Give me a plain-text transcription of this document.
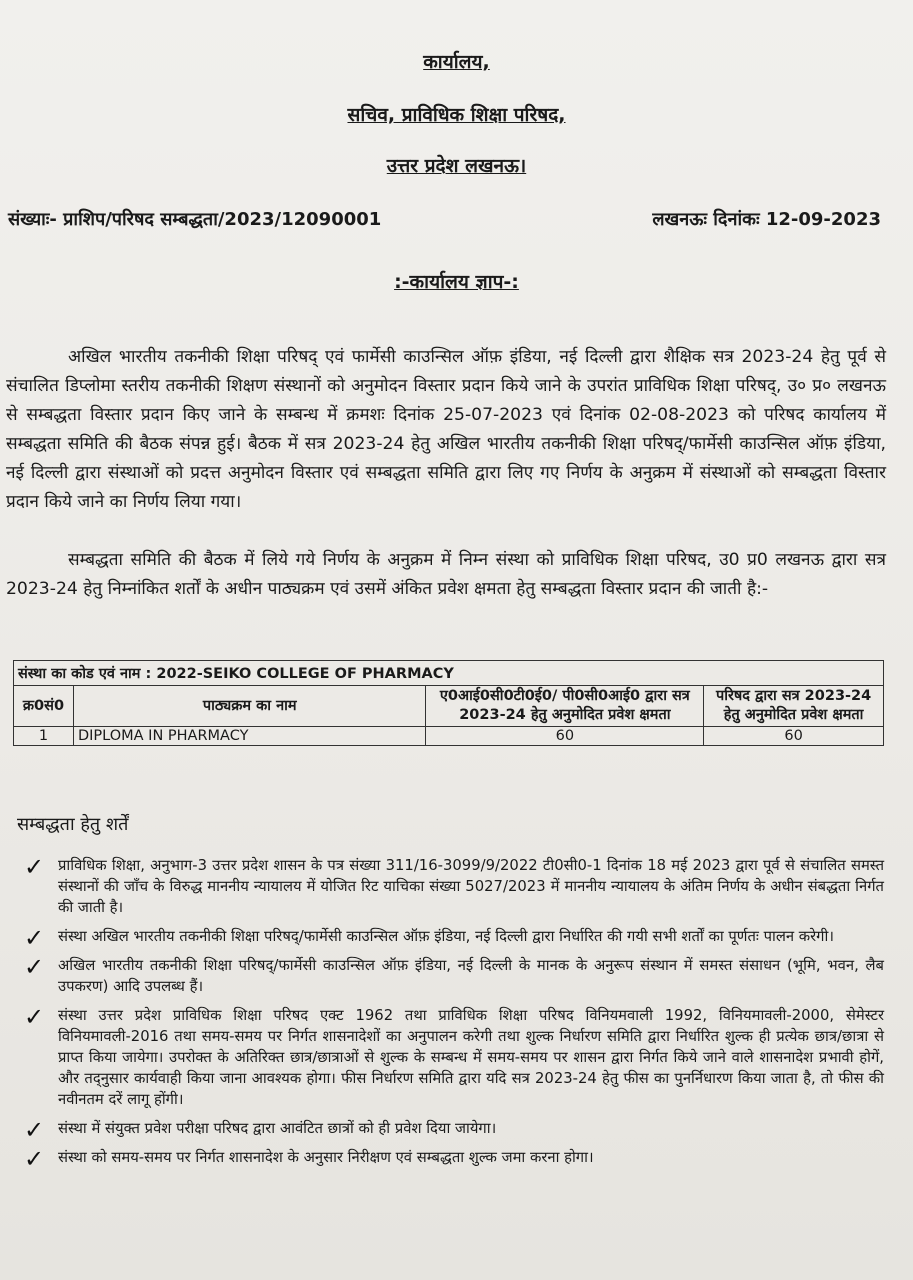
कार्यालय,
सचिव, प्राविधिक शिक्षा परिषद,
उत्तर प्रदेश लखनऊ।
संख्याः- प्राशिप/परिषद सम्बद्धता/2023/12090001	लखनऊः दिनांकः 12-09-2023
:-कार्यालय ज्ञाप-:

अखिल भारतीय तकनीकी शिक्षा परिषद् एवं फार्मेसी काउन्सिल ऑफ़ इंडिया, नई दिल्ली द्वारा शैक्षिक सत्र 2023-24 हेतु पूर्व से संचालित डिप्लोमा स्तरीय तकनीकी शिक्षण संस्थानों को अनुमोदन विस्तार प्रदान किये जाने के उपरांत प्राविधिक शिक्षा परिषद्, उ० प्र० लखनऊ से सम्बद्धता विस्तार प्रदान किए जाने के सम्बन्ध में क्रमशः दिनांक 25-07-2023 एवं दिनांक 02-08-2023 को परिषद कार्यालय में सम्बद्धता समिति की बैठक संपन्न हुई। बैठक में सत्र 2023-24 हेतु अखिल भारतीय तकनीकी शिक्षा परिषद्/फार्मेसी काउन्सिल ऑफ़ इंडिया, नई दिल्ली द्वारा संस्थाओं को प्रदत्त अनुमोदन विस्तार एवं सम्बद्धता समिति द्वारा लिए गए निर्णय के अनुक्रम में संस्थाओं को सम्बद्धता विस्तार प्रदान किये जाने का निर्णय लिया गया।

सम्बद्धता समिति की बैठक में लिये गये निर्णय के अनुक्रम में निम्न संस्था को प्राविधिक शिक्षा परिषद, उ0 प्र0 लखनऊ द्वारा सत्र 2023-24 हेतु निम्नांकित शर्तों के अधीन पाठ्यक्रम एवं उसमें अंकित प्रवेश क्षमता हेतु सम्बद्धता विस्तार प्रदान की जाती है:-

संस्था का कोड एवं नाम : 2022-SEIKO COLLEGE OF PHARMACY			
क्र0सं0	पाठ्यक्रम का नाम	ए0आई0सी0टी0ई0/ पी0सी0आई0 द्वारा सत्र 2023-24 हेतु अनुमोदित प्रवेश क्षमता	परिषद द्वारा सत्र 2023-24 हेतु अनुमोदित प्रवेश क्षमता
1	DIPLOMA IN PHARMACY	60	60
सम्बद्धता हेतु शर्तें
✓ प्राविधिक शिक्षा, अनुभाग-3 उत्तर प्रदेश शासन के पत्र संख्या 311/16-3099/9/2022 टी0सी0-1 दिनांक 18 मई 2023 द्वारा पूर्व से संचालित समस्त संस्थानों की जाँच के विरुद्ध माननीय न्यायालय में योजित रिट याचिका संख्या 5027/2023 में माननीय न्यायालय के अंतिम निर्णय के अधीन संबद्धता निर्गत की जाती है।
✓ संस्था अखिल भारतीय तकनीकी शिक्षा परिषद्/फार्मेसी काउन्सिल ऑफ़ इंडिया, नई दिल्ली द्वारा निर्धारित की गयी सभी शर्तों का पूर्णतः पालन करेगी।
✓ अखिल भारतीय तकनीकी शिक्षा परिषद्/फार्मेसी काउन्सिल ऑफ़ इंडिया, नई दिल्ली के मानक के अनुरूप संस्थान में समस्त संसाधन (भूमि, भवन, लैब उपकरण) आदि उपलब्ध हैं।
✓ संस्था उत्तर प्रदेश प्राविधिक शिक्षा परिषद एक्ट 1962 तथा प्राविधिक शिक्षा परिषद विनियमवाली 1992, विनियमावली-2000, सेमेस्टर विनियमावली-2016 तथा समय-समय पर निर्गत शासनादेशों का अनुपालन करेगी तथा शुल्क निर्धारण समिति द्वारा निर्धारित शुल्क ही प्रत्येक छात्र/छात्रा से प्राप्त किया जायेगा। उपरोक्त के अतिरिक्त छात्र/छात्राओं से शुल्क के सम्बन्ध में समय-समय पर शासन द्वारा निर्गत किये जाने वाले शासनादेश प्रभावी होगें, और तद्नुसार कार्यवाही किया जाना आवश्यक होगा। फीस निर्धारण समिति द्वारा यदि सत्र 2023-24 हेतु फीस का पुनर्निधारण किया जाता है, तो फीस की नवीनतम दरें लागू होंगी।
✓ संस्था में संयुक्त प्रवेश परीक्षा परिषद द्वारा आवंटित छात्रों को ही प्रवेश दिया जायेगा।
✓ संस्था को समय-समय पर निर्गत शासनादेश के अनुसार निरीक्षण एवं सम्बद्धता शुल्क जमा करना होगा।
